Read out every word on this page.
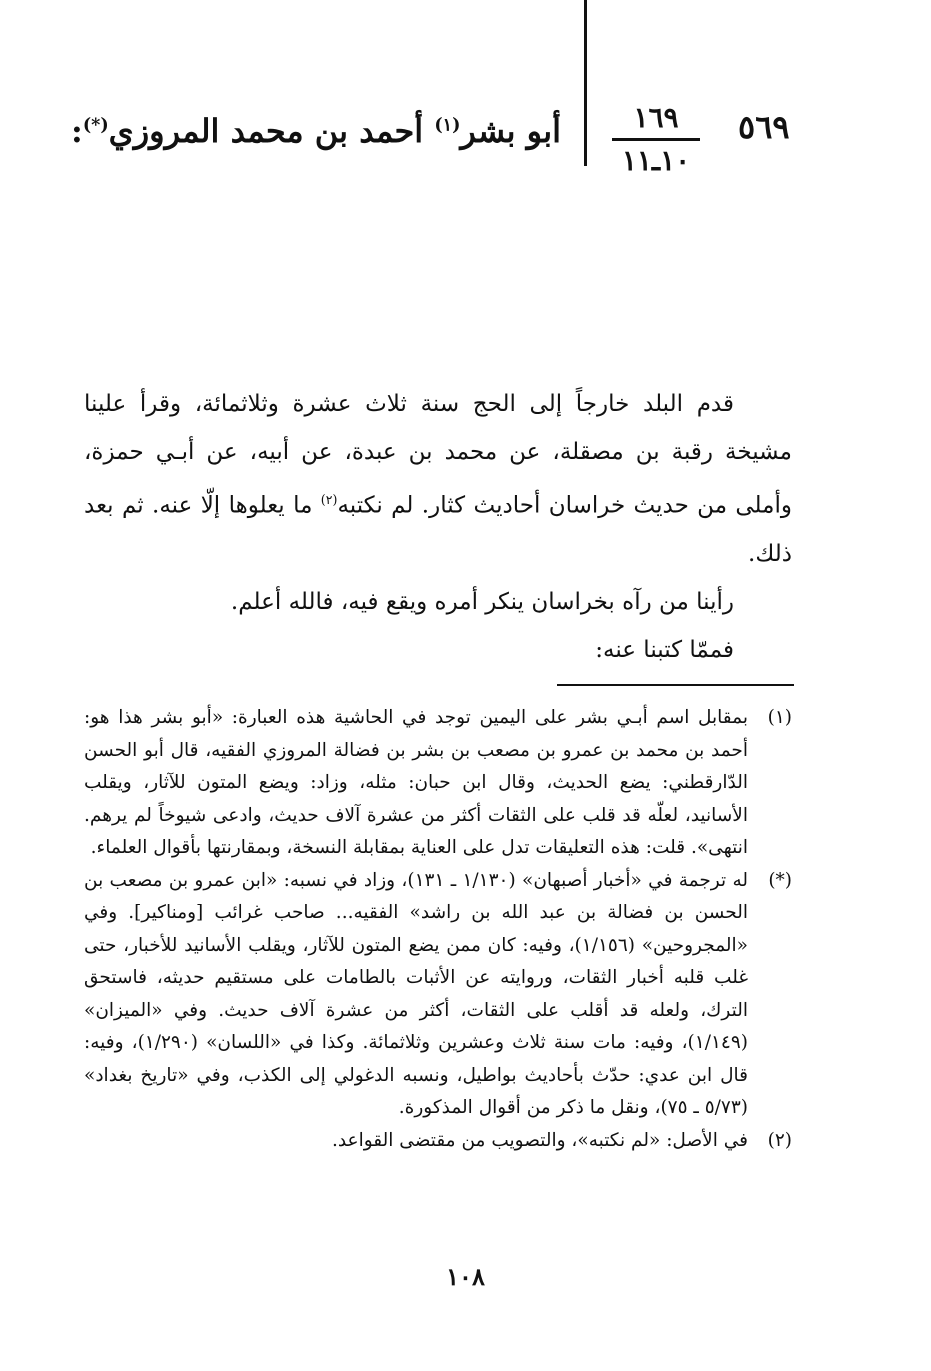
٥٦٩
١٦٩
١٠ـ١١
أبو بشر$^{(١)}$ أحمد بن محمد المروزي(*):

قدم البلد خارجاً إلى الحج سنة ثلاث عشرة وثلاثمائة، وقرأ علينا مشيخة رقبة بن مصقلة، عن محمد بن عبدة، عن أبيه، عن أبـي حمزة، وأملى من حديث خراسان أحاديث كثار. لم نكتبه$^{(٢)}$ ما يعلوها إلّا عنه. ثم بعد ذلك.

رأينا من رآه بخراسان ينكر أمره ويقع فيه، فالله أعلم.

فممّا كتبنا عنه:

(١)
بمقابل اسم أبـي بشر على اليمين توجد في الحاشية هذه العبارة: «أبو بشر هذا هو: أحمد بن محمد بن عمرو بن مصعب بن بشر بن فضالة المروزي الفقيه، قال أبو الحسن الدّارقطني: يضع الحديث، وقال ابن حبان: مثله، وزاد: ويضع المتون للآثار، ويقلب الأسانيد، لعلّه قد قلب على الثقات أكثر من عشرة آلاف حديث، وادعى شيوخاً لم يرهم. انتهى». قلت: هذه التعليقات تدل على العناية بمقابلة النسخة، وبمقارنتها بأقوال العلماء.
(*)
له ترجمة في «أخبار أصبهان» (١/١٣٠ ـ ١٣١)، وزاد في نسبه: «ابن عمرو بن مصعب بن الحسن بن فضالة بن عبد الله بن راشد» الفقيه... صاحب غرائب [ومناكير]. وفي «المجروحين» (١/١٥٦)، وفيه: كان ممن يضع المتون للآثار، ويقلب الأسانيد للأخبار، حتى غلب قلبه أخبار الثقات، وروايته عن الأثبات بالطامات على مستقيم حديثه، فاستحق الترك، ولعله قد أقلب على الثقات، أكثر من عشرة آلاف حديث. وفي «الميزان» (١/١٤٩)، وفيه: مات سنة ثلاث وعشرين وثلاثمائة. وكذا في «اللسان» (١/٢٩٠)، وفيه: قال ابن عدي: حدّث بأحاديث بواطيل، ونسبه الدغولي إلى الكذب، وفي «تاريخ بغداد» (٥/٧٣ ـ ٧٥)، ونقل ما ذكر من أقوال المذكورة.
(٢)
في الأصل: «لم نكتبه»، والتصويب من مقتضى القواعد.
١٠٨
